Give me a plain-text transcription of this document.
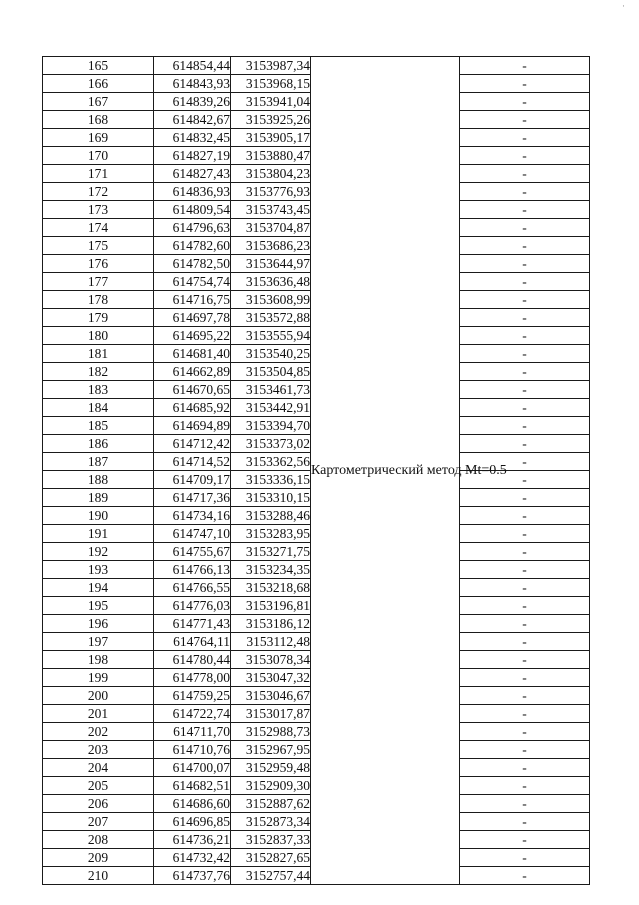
·
165	614854,44	3153987,34	Картометрический метод Mt=0.5	-
166	614843,93	3153968,15		-
167	614839,26	3153941,04		-
168	614842,67	3153925,26		-
169	614832,45	3153905,17		-
170	614827,19	3153880,47		-
171	614827,43	3153804,23		-
172	614836,93	3153776,93		-
173	614809,54	3153743,45		-
174	614796,63	3153704,87		-
175	614782,60	3153686,23		-
176	614782,50	3153644,97		-
177	614754,74	3153636,48		-
178	614716,75	3153608,99		-
179	614697,78	3153572,88		-
180	614695,22	3153555,94		-
181	614681,40	3153540,25		-
182	614662,89	3153504,85		-
183	614670,65	3153461,73		-
184	614685,92	3153442,91		-
185	614694,89	3153394,70		-
186	614712,42	3153373,02		-
187	614714,52	3153362,56		-
188	614709,17	3153336,15		-
189	614717,36	3153310,15		-
190	614734,16	3153288,46		-
191	614747,10	3153283,95		-
192	614755,67	3153271,75		-
193	614766,13	3153234,35		-
194	614766,55	3153218,68		-
195	614776,03	3153196,81		-
196	614771,43	3153186,12		-
197	614764,11	3153112,48		-
198	614780,44	3153078,34		-
199	614778,00	3153047,32		-
200	614759,25	3153046,67		-
201	614722,74	3153017,87		-
202	614711,70	3152988,73		-
203	614710,76	3152967,95		-
204	614700,07	3152959,48		-
205	614682,51	3152909,30		-
206	614686,60	3152887,62		-
207	614696,85	3152873,34		-
208	614736,21	3152837,33		-
209	614732,42	3152827,65		-
210	614737,76	3152757,44		-
